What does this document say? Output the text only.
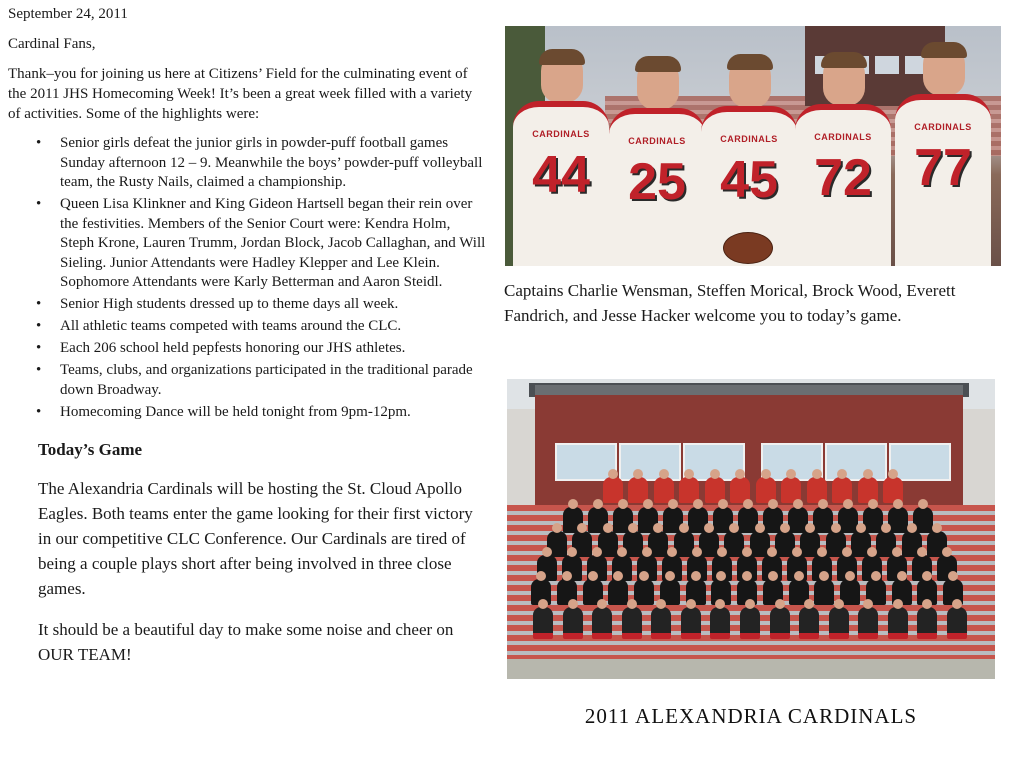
September 24, 2011

Cardinal Fans,

Thank–you for joining us here at Citizens’ Field for the culminating event of the 2011 JHS Homecoming Week! It’s been a great week filled with a variety of activities. Some of the highlights were:

• Senior girls defeat the junior girls in powder-puff football games Sunday afternoon 12 – 9. Meanwhile the boys’ powder-puff volleyball team, the Rusty Nails, claimed a championship.
• Queen Lisa Klinkner and King Gideon Hartsell began their rein over the festivities. Members of the Senior Court were: Kendra Holm, Steph Krone, Lauren Trumm, Jordan Block, Jacob Callaghan, and Will Sieling. Junior Attendants were Hadley Klepper and Lee Klein. Sophomore Attendants were Karly Betterman and Aaron Steidl.
• Senior High students dressed up to theme days all week.
• All athletic teams competed with teams around the CLC.
• Each 206 school held pepfests honoring our JHS athletes.
• Teams, clubs, and organizations participated in the traditional parade down Broadway.
• Homecoming Dance will be held tonight from 9pm-12pm.

Today’s Game

The Alexandria Cardinals will be hosting the St. Cloud Apollo Eagles. Both teams enter the game looking for their first victory in our competitive CLC Conference. Our Cardinals are tired of being a couple plays short after being involved in three close games.

It should be a beautiful day to make some noise and cheer on OUR TEAM!

CARDINALS
44
CARDINALS
25
CARDINALS
45
CARDINALS
72
CARDINALS
77
Captains Charlie Wensman, Steffen Morical, Brock Wood, Everett Fandrich, and Jesse Hacker welcome you to today’s game.
2011 ALEXANDRIA CARDINALS
